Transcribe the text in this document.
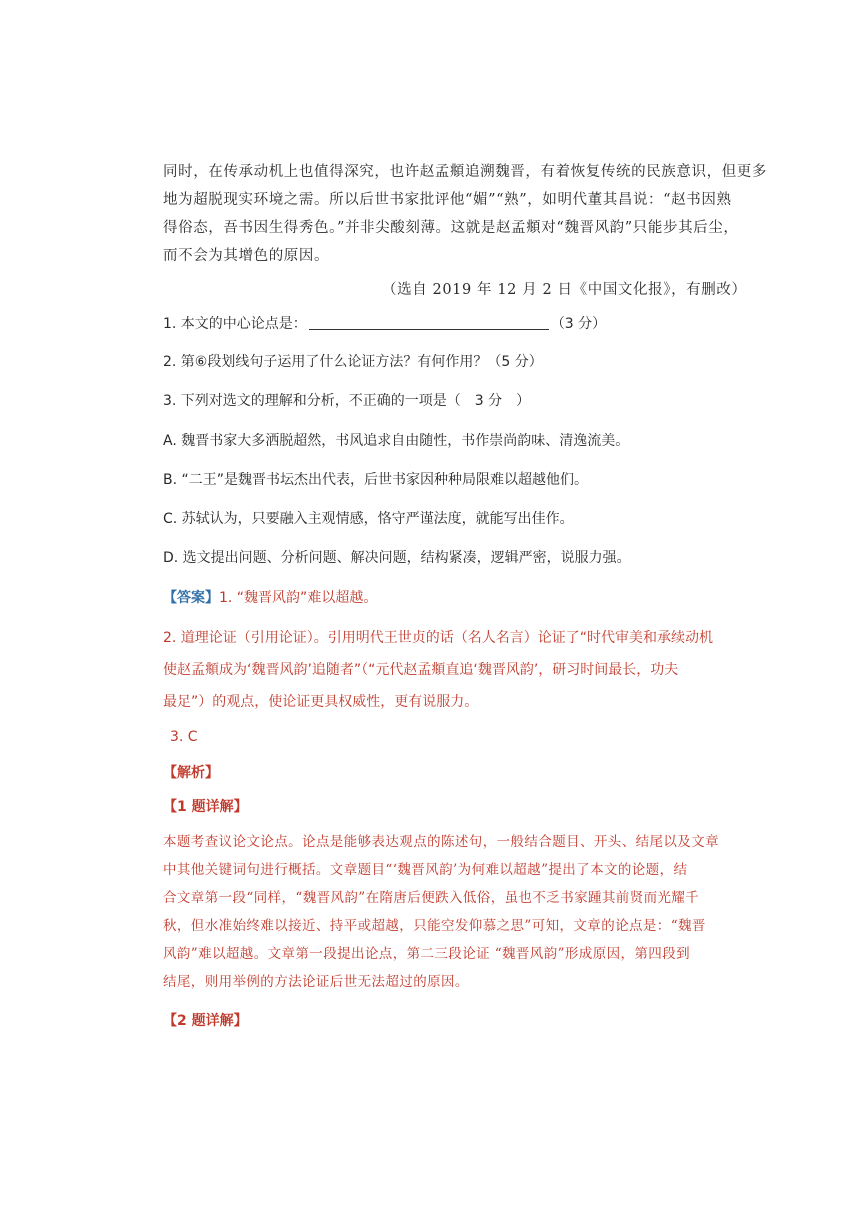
同时，在传承动机上也值得深究，也许赵孟頫追溯魏晋，有着恢复传统的民族意识，但更多
地为超脱现实环境之需。所以后世书家批评他“媚”“熟”，如明代董其昌说：“赵书因熟
得俗态，吾书因生得秀色。”并非尖酸刻薄。这就是赵孟頫对“魏晋风韵”只能步其后尘，
而不会为其增色的原因。
（选自 2019 年 12 月 2 日《中国文化报》，有删改）
1. 本文的中心论点是：	（3 分）
2. 第⑥段划线句子运用了什么论证方法？有何作用？（5 分）
3. 下列对选文的理解和分析，不正确的一项是（　3 分　）
A. 魏晋书家大多洒脱超然，书风追求自由随性，书作崇尚韵味、清逸流美。
B. “二王”是魏晋书坛杰出代表，后世书家因种种局限难以超越他们。
C. 苏轼认为，只要融入主观情感，恪守严谨法度，就能写出佳作。
D. 选文提出问题、分析问题、解决问题，结构紧凑，逻辑严密，说服力强。
【答案】1. “魏晋风韵”难以超越。
2. 道理论证（引用论证）。引用明代王世贞的话（名人名言）论证了“时代审美和承续动机
使赵孟頫成为‘魏晋风韵’追随者”（“元代赵孟頫直追‘魏晋风韵’，研习时间最长，功夫
最足”）的观点，使论证更具权威性，更有说服力。
3. C
【解析】
【1 题详解】
本题考查议论文论点。论点是能够表达观点的陈述句，一般结合题目、开头、结尾以及文章
中其他关键词句进行概括。文章题目“‘魏晋风韵’为何难以超越”提出了本文的论题，结
合文章第一段“同样，“魏晋风韵”在隋唐后便跌入低俗，虽也不乏书家踵其前贤而光耀千
秋，但水准始终难以接近、持平或超越，只能空发仰慕之思”可知，文章的论点是：“魏晋
风韵”难以超越。文章第一段提出论点，第二三段论证 “魏晋风韵”形成原因，第四段到
结尾，则用举例的方法论证后世无法超过的原因。
【2 题详解】
